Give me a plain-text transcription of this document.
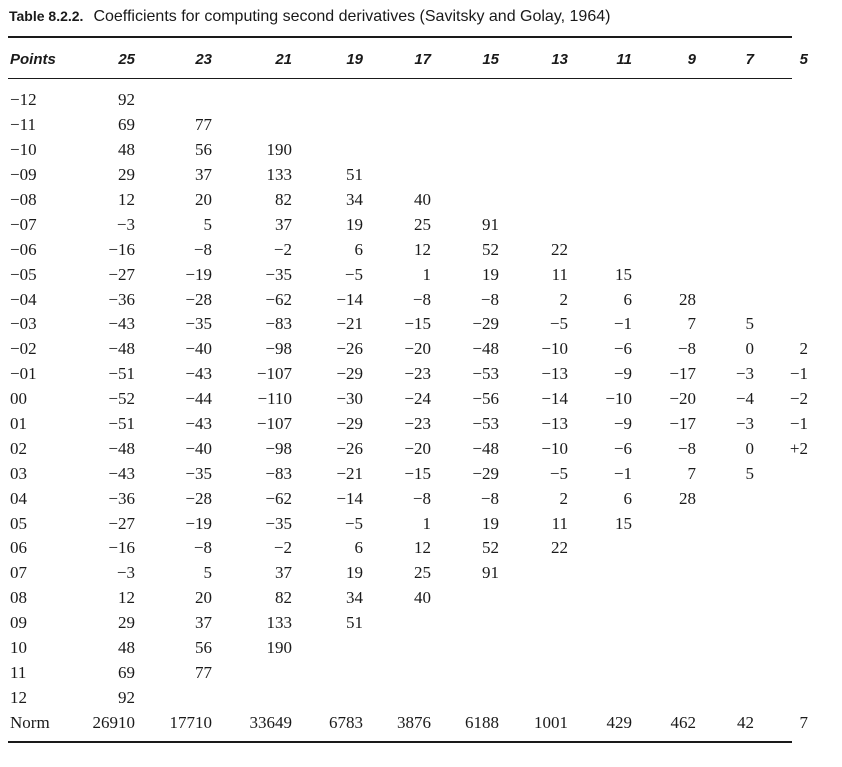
Table 8.2.2. Coefficients for computing second derivatives (Savitsky and Golay, 1964)
Points	25	23	21	19	17	15	13	11	9	7	5

−12	92										
−11	69	77									
−10	48	56	190								
−09	29	37	133	51							
−08	12	20	82	34	40						
−07	−3	5	37	19	25	91					
−06	−16	−8	−2	6	12	52	22				
−05	−27	−19	−35	−5	1	19	11	15			
−04	−36	−28	−62	−14	−8	−8	2	6	28		
−03	−43	−35	−83	−21	−15	−29	−5	−1	7	5	
−02	−48	−40	−98	−26	−20	−48	−10	−6	−8	0	2
−01	−51	−43	−107	−29	−23	−53	−13	−9	−17	−3	−1
00	−52	−44	−110	−30	−24	−56	−14	−10	−20	−4	−2
01	−51	−43	−107	−29	−23	−53	−13	−9	−17	−3	−1
02	−48	−40	−98	−26	−20	−48	−10	−6	−8	0	+2
03	−43	−35	−83	−21	−15	−29	−5	−1	7	5	
04	−36	−28	−62	−14	−8	−8	2	6	28		
05	−27	−19	−35	−5	1	19	11	15			
06	−16	−8	−2	6	12	52	22				
07	−3	5	37	19	25	91					
08	12	20	82	34	40						
09	29	37	133	51							
10	48	56	190								
11	69	77									
12	92										
Norm	26910	17710	33649	6783	3876	6188	1001	429	462	42	7
